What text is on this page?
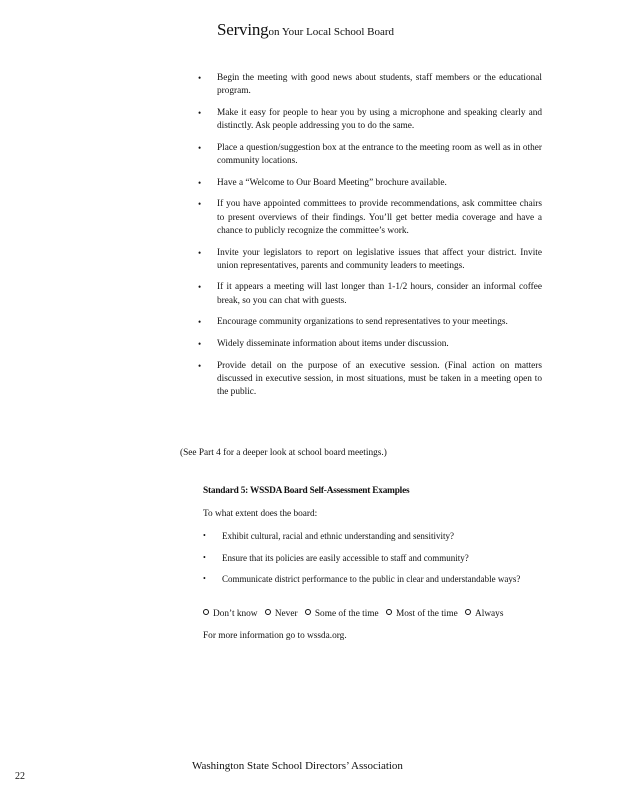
Servingon Your Local School Board
• Begin the meeting with good news about students, staff members or the educational program.
• Make it easy for people to hear you by using a microphone and speaking clearly and distinctly. Ask people addressing you to do the same.
• Place a question/suggestion box at the entrance to the meeting room as well as in other community locations.
• Have a “Welcome to Our Board Meeting” brochure available.
• If you have appointed committees to provide recommendations, ask committee chairs to present overviews of their findings. You’ll get better media coverage and have a chance to publicly recognize the committee’s work.
• Invite your legislators to report on legislative issues that affect your district. Invite union representatives, parents and community leaders to meetings.
• If it appears a meeting will last longer than 1-1/2 hours, consider an informal coffee break, so you can chat with guests.
• Encourage community organizations to send representatives to your meetings.
• Widely disseminate information about items under discussion.
• Provide detail on the purpose of an executive session. (Final action on matters discussed in executive session, in most situations, must be taken in a meeting open to the public.
(See Part 4 for a deeper look at school board meetings.)
Standard 5: WSSDA Board Self-Assessment Examples
To what extent does the board:
• Exhibit cultural, racial and ethnic understanding and sensitivity?
• Ensure that its policies are easily accessible to staff and community?
• Communicate district performance to the public in clear and understandable ways?
Don’t know Never Some of the time Most of the time Always
For more information go to wssda.org.
Washington State School Directors’ Association
22
